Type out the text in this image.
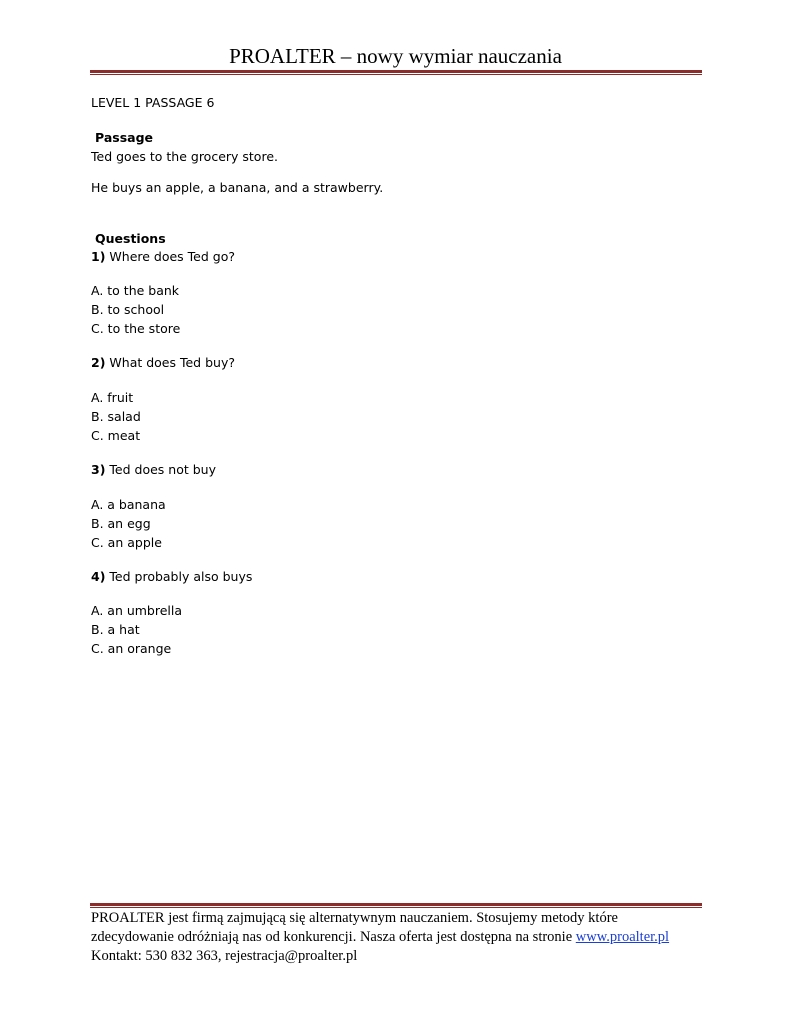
PROALTER – nowy wymiar nauczania
LEVEL 1 PASSAGE 6
Passage
Ted goes to the grocery store.
He buys an apple, a banana, and a strawberry.
Questions
1) Where does Ted go?
A. to the bank
B. to school
C. to the store
2) What does Ted buy?
A. fruit
B. salad
C. meat
3) Ted does not buy
A. a banana
B. an egg
C. an apple
4) Ted probably also buys
A. an umbrella
B. a hat
C. an orange
PROALTER jest firmą zajmującą się alternatywnym nauczaniem. Stosujemy metody które
zdecydowanie odróżniają nas od konkurencji. Nasza oferta jest dostępna na stronie www.proalter.pl
Kontakt: 530 832 363, rejestracja@proalter.pl
